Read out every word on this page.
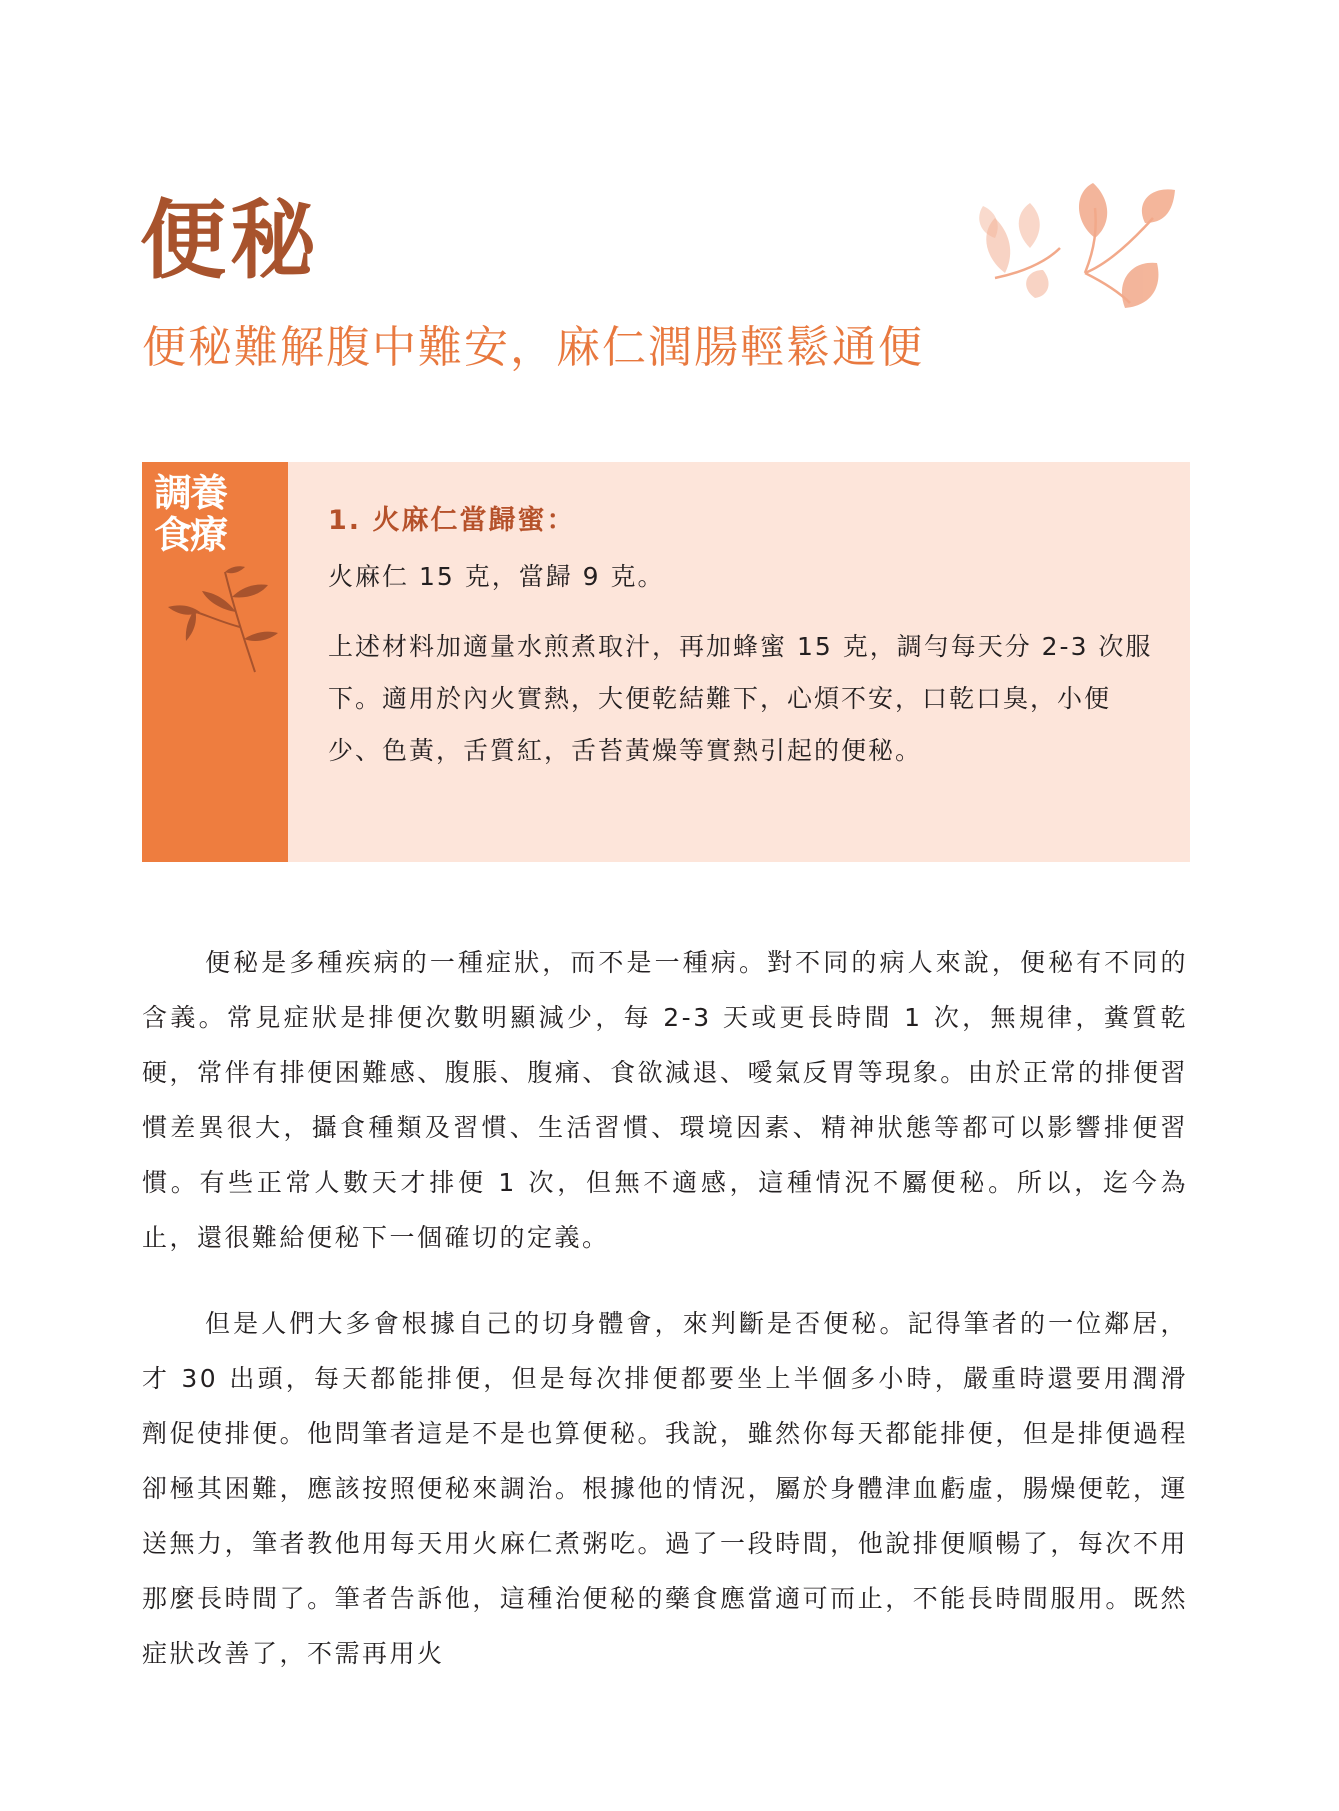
便秘
便秘難解腹中難安，麻仁潤腸輕鬆通便
調養
食療	1. 火麻仁當歸蜜：
火麻仁 15 克，當歸 9 克。

上述材料加適量水煎煮取汁，再加蜂蜜 15 克，調勻每天分 2-3 次服下。適用於內火實熱，大便乾結難下，心煩不安，口乾口臭，小便少、色黃，舌質紅，舌苔黃燥等實熱引起的便秘。

便秘是多種疾病的一種症狀，而不是一種病。對不同的病人來說，便秘有不同的含義。常見症狀是排便次數明顯減少，每 2-3 天或更長時間 1 次，無規律，糞質乾硬，常伴有排便困難感、腹脹、腹痛、食欲減退、噯氣反胃等現象。由於正常的排便習慣差異很大，攝食種類及習慣、生活習慣、環境因素、精神狀態等都可以影響排便習慣。有些正常人數天才排便 1 次，但無不適感，這種情況不屬便秘。所以，迄今為止，還很難給便秘下一個確切的定義。

但是人們大多會根據自己的切身體會，來判斷是否便秘。記得筆者的一位鄰居，才 30 出頭，每天都能排便，但是每次排便都要坐上半個多小時，嚴重時還要用潤滑劑促使排便。他問筆者這是不是也算便秘。我說，雖然你每天都能排便，但是排便過程卻極其困難，應該按照便秘來調治。根據他的情況，屬於身體津血虧虛，腸燥便乾，運送無力，筆者教他用每天用火麻仁煮粥吃。過了一段時間，他說排便順暢了，每次不用那麼長時間了。筆者告訴他，這種治便秘的藥食應當適可而止，不能長時間服用。既然症狀改善了，不需再用火
